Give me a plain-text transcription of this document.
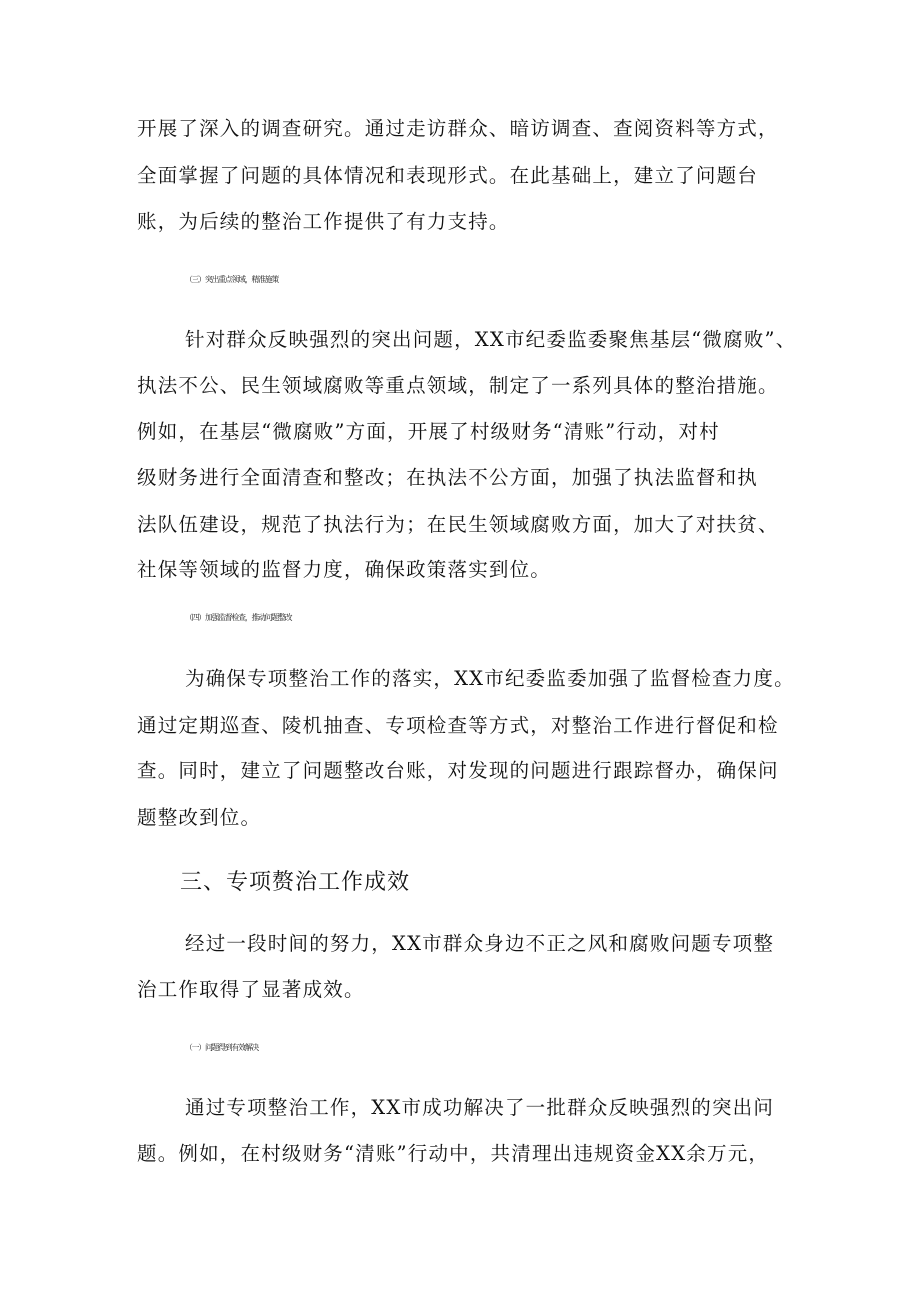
开展了深入的调查研究。通过走访群众、暗访调查、查阅资料等方式，
全面掌握了问题的具体情况和表现形式。在此基础上，建立了问题台
账，为后续的整治工作提供了有力支持。
（三）突出重点领域，精准施策
针对群众反映强烈的突出问题，XX市纪委监委聚焦基层“微腐败”、
执法不公、民生领域腐败等重点领域，制定了一系列具体的整治措施。
例如，在基层“微腐败”方面，开展了村级财务“清账”行动，对村
级财务进行全面清查和整改；在执法不公方面，加强了执法监督和执
法队伍建设，规范了执法行为；在民生领域腐败方面，加大了对扶贫、
社保等领域的监督力度，确保政策落实到位。
（四）加强监督检查，推动问题整改
为确保专项整治工作的落实，XX市纪委监委加强了监督检查力度。
通过定期巡查、陵机抽查、专项检查等方式，对整治工作进行督促和检
查。同时，建立了问题整改台账，对发现的问题进行跟踪督办，确保问
题整改到位。
三、专项赘治工作成效
经过一段时间的努力，XX市群众身边不正之风和腐败问题专项整
治工作取得了显著成效。
（一）问题得到有效解决
通过专项整治工作，XX市成功解决了一批群众反映强烈的突出问
题。例如，在村级财务“清账”行动中，共清理出违规资金XX余万元，
